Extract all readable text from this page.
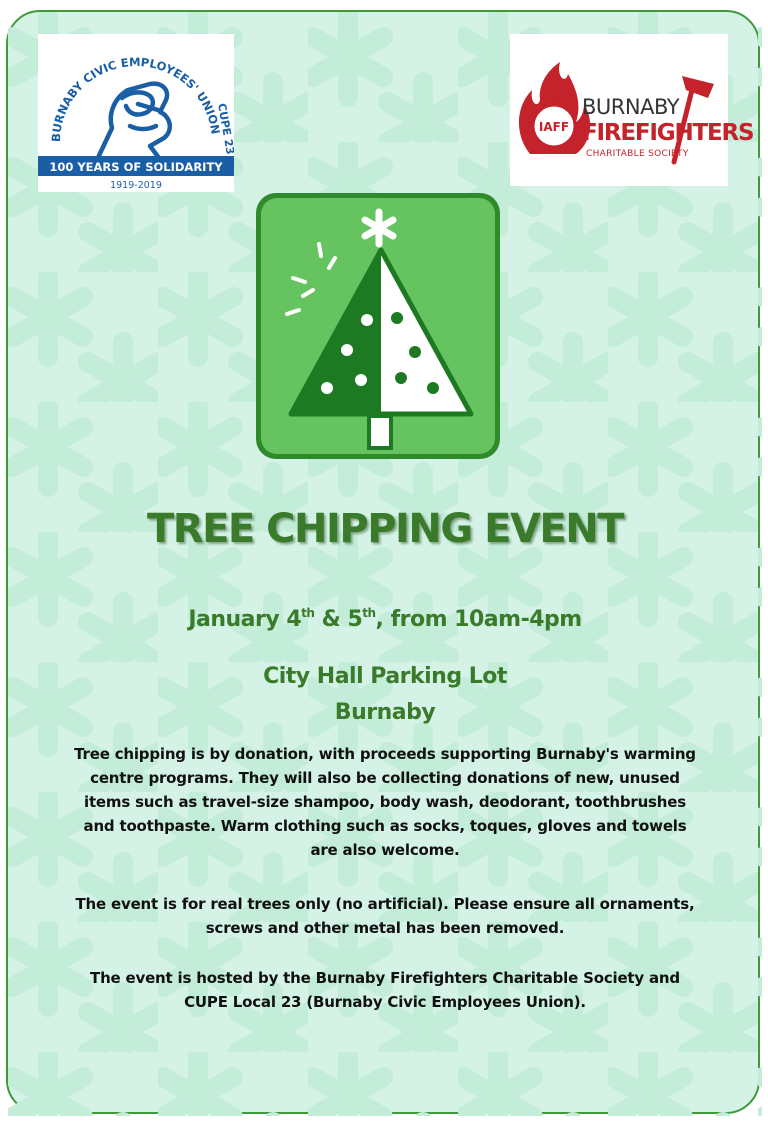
BURNABY CIVIC EMPLOYEES' UNION
CUPE 23
100 YEARS OF SOLIDARITY
1919-2019
IAFF
BURNABY
FIREFIGHTERS
CHARITABLE SOCIETY
TREE CHIPPING EVENT
January 4th & 5th, from 10am-4pm
City Hall Parking Lot
Burnaby

Tree chipping is by donation, with proceeds supporting Burnaby's warming centre programs. They will also be collecting donations of new, unused items such as travel-size shampoo, body wash, deodorant, toothbrushes and toothpaste. Warm clothing such as socks, toques, gloves and towels are also welcome.

The event is for real trees only (no artificial). Please ensure all ornaments, screws and other metal has been removed.

The event is hosted by the Burnaby Firefighters Charitable Society and CUPE Local 23 (Burnaby Civic Employees Union).
